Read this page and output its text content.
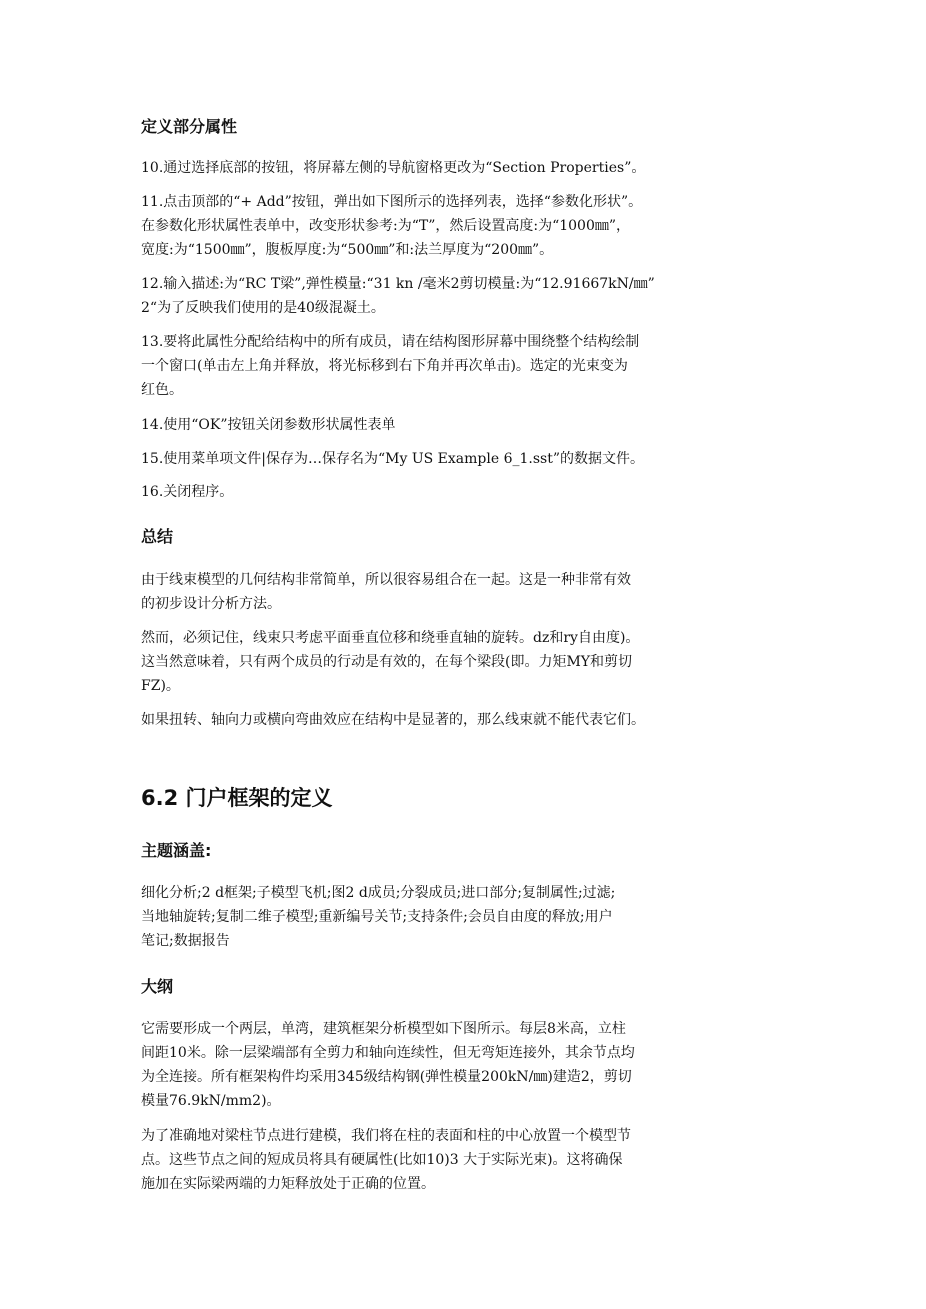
定义部分属性
10.通过选择底部的按钮，将屏幕左侧的导航窗格更改为“Section Properties”。
11.点击顶部的“+ Add”按钮，弹出如下图所示的选择列表，选择“参数化形状”。
在参数化形状属性表单中，改变形状参考:为“T”，然后设置高度:为“1000㎜”，
宽度:为“1500㎜”，腹板厚度:为“500㎜”和:法兰厚度为“200㎜”。
12.输入描述:为“RC T梁”,弹性模量:“31 kn /毫米2剪切模量:为“12.91667kN/㎜”
2“为了反映我们使用的是40级混凝土。
13.要将此属性分配给结构中的所有成员，请在结构图形屏幕中围绕整个结构绘制
一个窗口(单击左上角并释放，将光标移到右下角并再次单击)。选定的光束变为
红色。
14.使用“OK”按钮关闭参数形状属性表单
15.使用菜单项文件|保存为…保存名为“My US Example 6_1.sst”的数据文件。
16.关闭程序。
总结
由于线束模型的几何结构非常简单，所以很容易组合在一起。这是一种非常有效
的初步设计分析方法。
然而，必须记住，线束只考虑平面垂直位移和绕垂直轴的旋转。dz和ry自由度)。
这当然意味着，只有两个成员的行动是有效的，在每个梁段(即。力矩MY和剪切
FZ)。
如果扭转、轴向力或横向弯曲效应在结构中是显著的，那么线束就不能代表它们。
6.2 门户框架的定义
主题涵盖:
细化分析;2 d框架;子模型飞机;图2 d成员;分裂成员;进口部分;复制属性;过滤;
当地轴旋转;复制二维子模型;重新编号关节;支持条件;会员自由度的释放;用户
笔记;数据报告
大纲
它需要形成一个两层，单湾，建筑框架分析模型如下图所示。每层8米高，立柱
间距10米。除一层梁端部有全剪力和轴向连续性，但无弯矩连接外，其余节点均
为全连接。所有框架构件均采用345级结构钢(弹性模量200kN/㎜)建造2，剪切
模量76.9kN/mm2)。
为了准确地对梁柱节点进行建模，我们将在柱的表面和柱的中心放置一个模型节
点。这些节点之间的短成员将具有硬属性(比如10)3 大于实际光束)。这将确保
施加在实际梁两端的力矩释放处于正确的位置。
